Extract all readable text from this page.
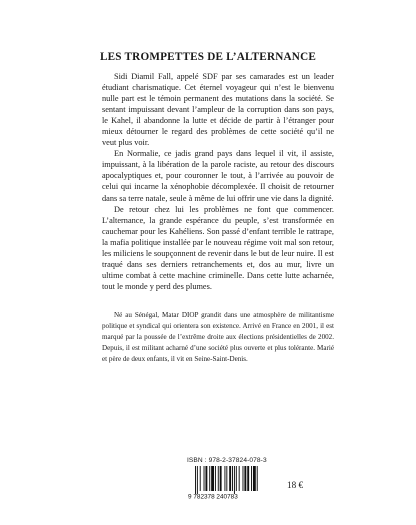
LES TROMPETTES DE L’ALTERNANCE

Sidi Diamil Fall, appelé SDF par ses camarades est un leader étudiant charismatique. Cet éternel voyageur qui n’est le bienvenu nulle part est le témoin permanent des mutations dans la société. Se sentant impuissant devant l’ampleur de la corruption dans son pays, le Kahel, il abandonne la lutte et décide de partir à l’étranger pour mieux détourner le regard des problèmes de cette société qu’il ne veut plus voir.

En Normalie, ce jadis grand pays dans lequel il vit, il assiste, impuissant, à la libération de la parole raciste, au retour des discours apocalyptiques et, pour couronner le tout, à l’arrivée au pouvoir de celui qui incarne la xénophobie décomplexée. Il choisit de retourner dans sa terre natale, seule à même de lui offrir une vie dans la dignité.

De retour chez lui les problèmes ne font que commencer. L’alternance, la grande espérance du peuple, s’est transformée en cauchemar pour les Kahéliens. Son passé d’enfant terrible le rattrape, la mafia politique installée par le nouveau régime voit mal son retour, les miliciens le soupçonnent de revenir dans le but de leur nuire. Il est traqué dans ses derniers retranchements et, dos au mur, livre un ultime combat à cette machine criminelle. Dans cette lutte acharnée, tout le monde y perd des plumes.

Né au Sénégal, Matar DIOP grandit dans une atmosphère de militantisme politique et syndical qui orientera son existence. Arrivé en France en 2001, il est marqué par la poussée de l’extrême droite aux élections présidentielles de 2002. Depuis, il est militant acharné d’une société plus ouverte et plus tolérante. Marié et père de deux enfants, il vit en Seine-Saint-Denis.

ISBN : 978-2-37824-078-3
9 782378 240783
18 €
